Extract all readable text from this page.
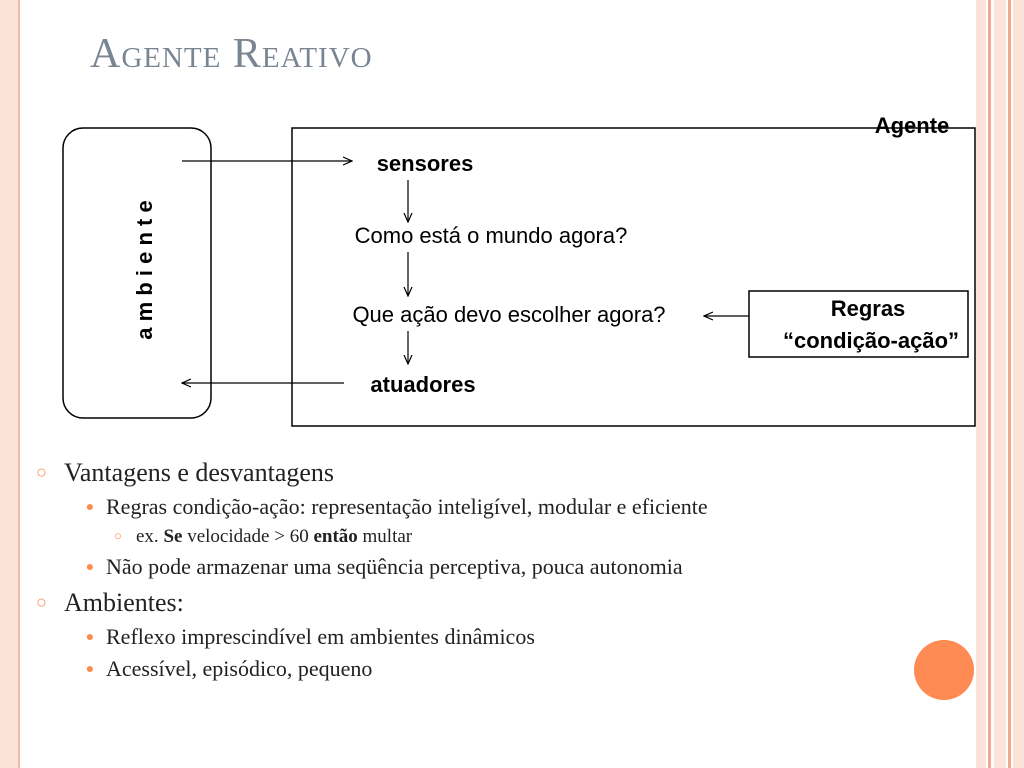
Agente Reativo
a m b i e n t e
Agente
sensores
Como está o mundo agora?
Que ação devo escolher agora?	Regras
“condição-ação”
atuadores
○ Vantagens e desvantagens
● Regras condição-ação: representação inteligível, modular e eficiente
○ ex. Se velocidade > 60 então multar
● Não pode armazenar uma seqüência perceptiva, pouca autonomia
○ Ambientes:
● Reflexo imprescindível em ambientes dinâmicos
● Acessível, episódico, pequeno
